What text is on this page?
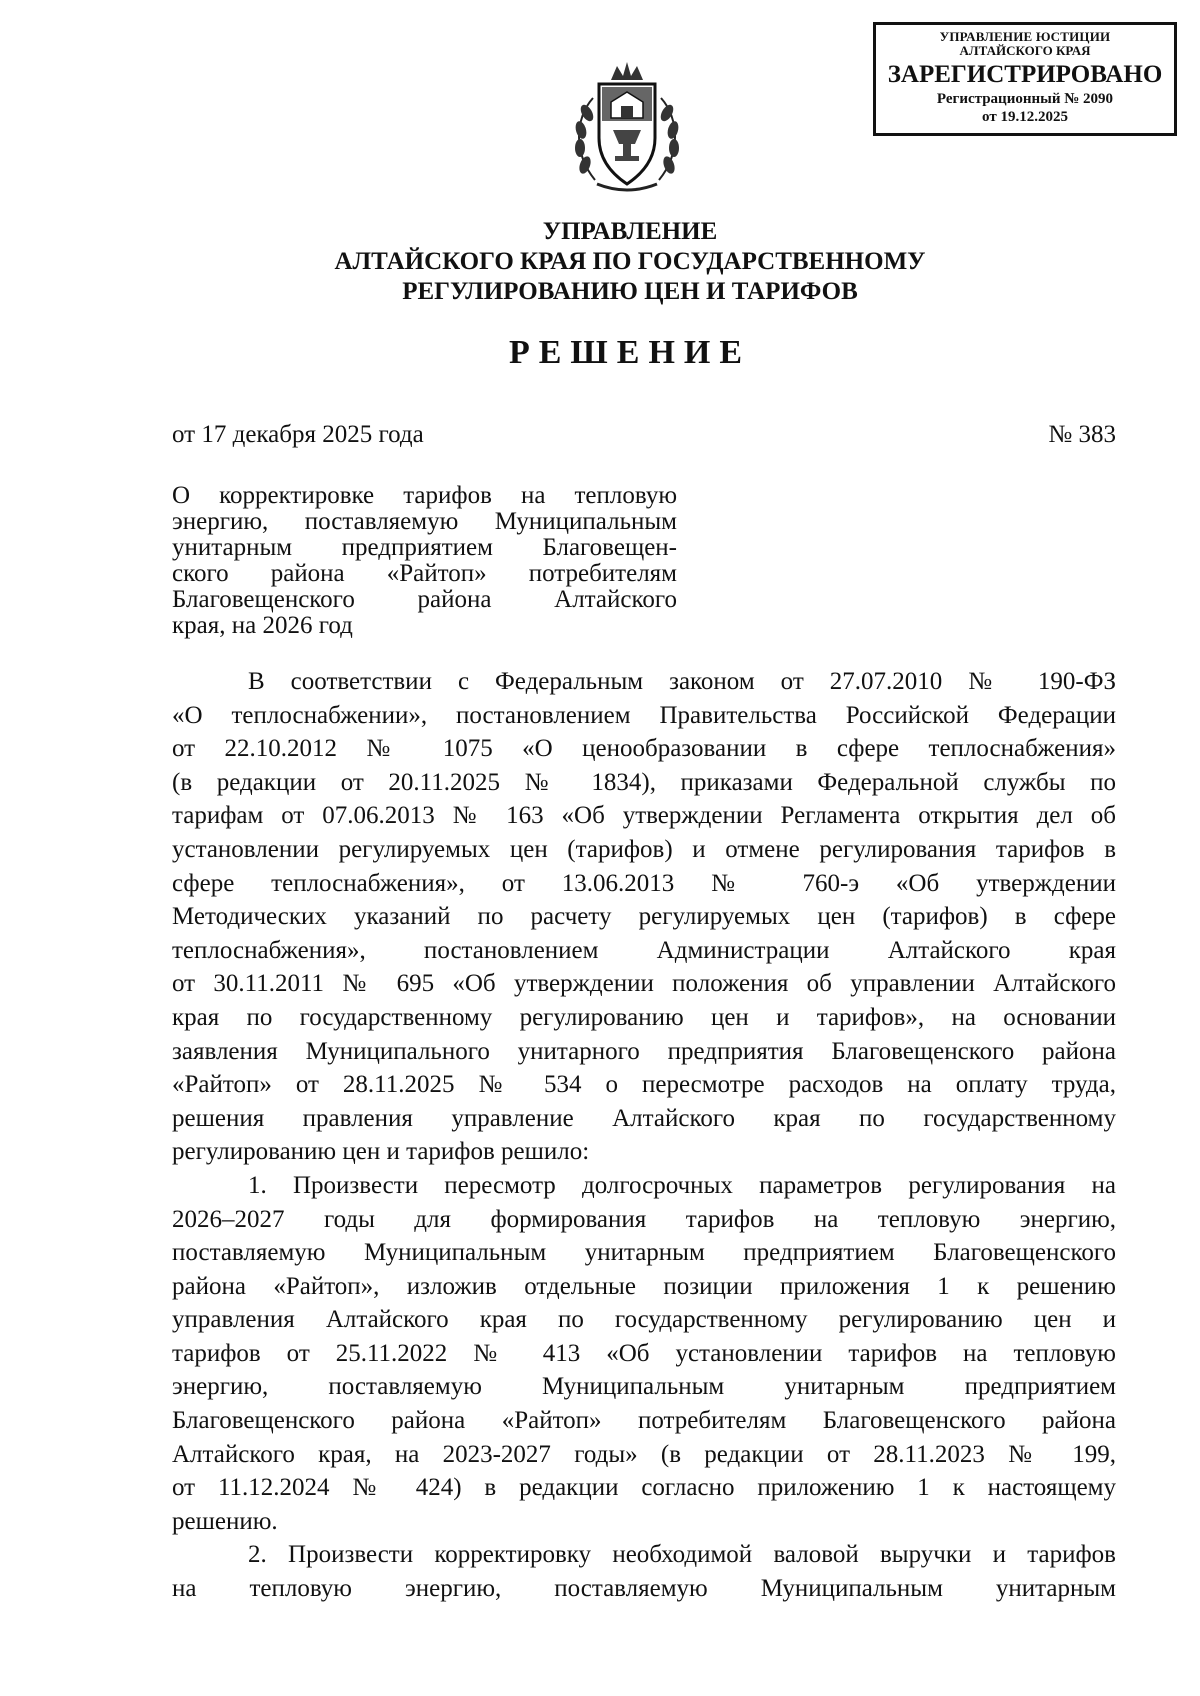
УПРАВЛЕНИЕ ЮСТИЦИИ
АЛТАЙСКОГО КРАЯ
ЗАРЕГИСТРИРОВАНО
Регистрационный № 2090
от 19.12.2025
УПРАВЛЕНИЕ
АЛТАЙСКОГО КРАЯ ПО ГОСУДАРСТВЕННОМУ
РЕГУЛИРОВАНИЮ ЦЕН И ТАРИФОВ
РЕШЕНИЕ
от 17 декабря 2025 года	№ 383
О корректировке тарифов на тепловую
энергию, поставляемую Муниципальным
унитарным предприятием Благовещен-
ского района «Райтоп» потребителям
Благовещенского района Алтайского
края, на 2026 год
В соответствии с Федеральным законом от 27.07.2010 № 190-ФЗ
«О теплоснабжении», постановлением Правительства Российской Федерации
от 22.10.2012 № 1075 «О ценообразовании в сфере теплоснабжения»
(в редакции от 20.11.2025 № 1834), приказами Федеральной службы по
тарифам от 07.06.2013 № 163 «Об утверждении Регламента открытия дел об
установлении регулируемых цен (тарифов) и отмене регулирования тарифов в
сфере теплоснабжения», от 13.06.2013 № 760-э «Об утверждении
Методических указаний по расчету регулируемых цен (тарифов) в сфере
теплоснабжения», постановлением Администрации Алтайского края
от 30.11.2011 № 695 «Об утверждении положения об управлении Алтайского
края по государственному регулированию цен и тарифов», на основании
заявления Муниципального унитарного предприятия Благовещенского района
«Райтоп» от 28.11.2025 № 534 о пересмотре расходов на оплату труда,
решения правления управление Алтайского края по государственному
регулированию цен и тарифов решило:
1. Произвести пересмотр долгосрочных параметров регулирования на
2026–2027 годы для формирования тарифов на тепловую энергию,
поставляемую Муниципальным унитарным предприятием Благовещенского
района «Райтоп», изложив отдельные позиции приложения 1 к решению
управления Алтайского края по государственному регулированию цен и
тарифов от 25.11.2022 № 413 «Об установлении тарифов на тепловую
энергию, поставляемую Муниципальным унитарным предприятием
Благовещенского района «Райтоп» потребителям Благовещенского района
Алтайского края, на 2023-2027 годы» (в редакции от 28.11.2023 № 199,
от 11.12.2024 № 424) в редакции согласно приложению 1 к настоящему
решению.
2. Произвести корректировку необходимой валовой выручки и тарифов
на тепловую энергию, поставляемую Муниципальным унитарным
